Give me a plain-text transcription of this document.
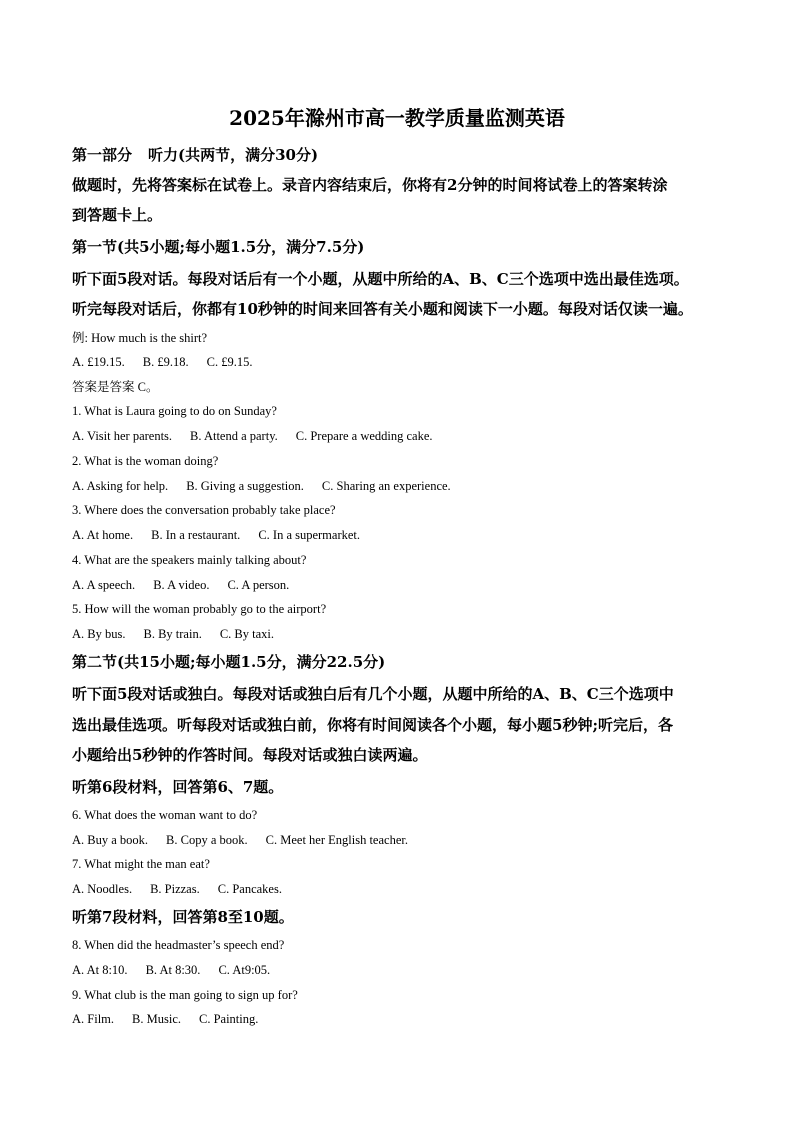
2025年滁州市高一教学质量监测英语
第一部分 听力(共两节，满分30分)
做题时，先将答案标在试卷上。录音内容结束后，你将有2分钟的时间将试卷上的答案转涂
到答题卡上。
第一节(共5小题;每小题1.5分，满分7.5分)
听下面5段对话。每段对话后有一个小题，从题中所给的A、B、C三个选项中选出最佳选项。
听完每段对话后，你都有10秒钟的时间来回答有关小题和阅读下一小题。每段对话仅读一遍。
例: How much is the shirt?
A. £19.15. B. £9.18. C. £9.15.
答案是答案 C。
1. What is Laura going to do on Sunday?
A. Visit her parents. B. Attend a party. C. Prepare a wedding cake.
2. What is the woman doing?
A. Asking for help. B. Giving a suggestion. C. Sharing an experience.
3. Where does the conversation probably take place?
A. At home. B. In a restaurant. C. In a supermarket.
4. What are the speakers mainly talking about?
A. A speech. B. A video. C. A person.
5. How will the woman probably go to the airport?
A. By bus. B. By train. C. By taxi.
第二节(共15小题;每小题1.5分，满分22.5分)
听下面5段对话或独白。每段对话或独白后有几个小题，从题中所给的A、B、C三个选项中
选出最佳选项。听每段对话或独白前，你将有时间阅读各个小题，每小题5秒钟;听完后，各
小题给出5秒钟的作答时间。每段对话或独白读两遍。
听第6段材料，回答第6、7题。
6. What does the woman want to do?
A. Buy a book. B. Copy a book. C. Meet her English teacher.
7. What might the man eat?
A. Noodles. B. Pizzas. C. Pancakes.
听第7段材料，回答第8至10题。
8. When did the headmaster’s speech end?
A. At 8:10. B. At 8:30. C. At9:05.
9. What club is the man going to sign up for?
A. Film. B. Music. C. Painting.
